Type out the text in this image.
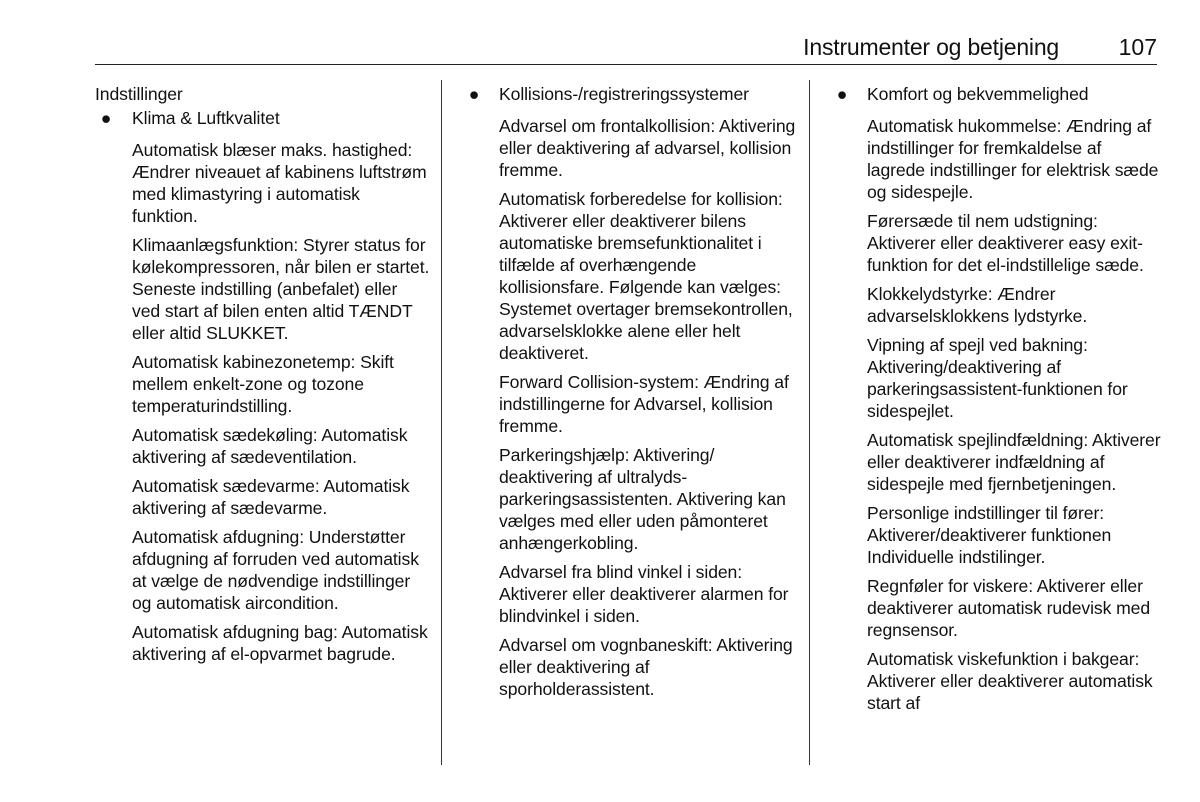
Instrumenter og betjening	107
Indstillinger
● Klima & Luftkvalitet
Automatisk blæser maks. hastighed: Ændrer niveauet af kabinens luftstrøm med klimastyring i automatisk funktion.
Klimaanlægsfunktion: Styrer status for kølekompressoren, når bilen er startet. Seneste indstilling (anbefalet) eller ved start af bilen enten altid TÆNDT eller altid SLUKKET.
Automatisk kabinezonetemp: Skift mellem enkelt-zone og tozone temperaturindstilling.
Automatisk sædekøling: Automatisk aktivering af sædeventilation.
Automatisk sædevarme: Automatisk aktivering af sædevarme.
Automatisk afdugning: Understøtter afdugning af forruden ved automatisk at vælge de nødvendige indstillinger og automatisk aircondition.
Automatisk afdugning bag: Automatisk aktivering af el-opvarmet bagrude.
● Kollisions-/registreringssystemer
Advarsel om frontalkollision: Aktivering eller deaktivering af advarsel, kollision fremme.
Automatisk forberedelse for kollision: Aktiverer eller deaktiverer bilens automatiske bremsefunktionalitet i tilfælde af overhængende kollisionsfare. Følgende kan vælges: Systemet overtager bremsekontrollen, advarselsklokke alene eller helt deaktiveret.
Forward Collision-system: Ændring af indstillingerne for Advarsel, kollision fremme.
Parkeringshjælp: Aktivering/ deaktivering af ultralyds-parkeringsassistenten. Aktivering kan vælges med eller uden påmonteret anhængerkobling.
Advarsel fra blind vinkel i siden: Aktiverer eller deaktiverer alarmen for blindvinkel i siden.
Advarsel om vognbaneskift: Aktivering eller deaktivering af sporholderassistent.
● Komfort og bekvemmelighed
Automatisk hukommelse: Ændring af indstillinger for fremkaldelse af lagrede indstillinger for elektrisk sæde og sidespejle.
Førersæde til nem udstigning: Aktiverer eller deaktiverer easy exit-funktion for det el-indstillelige sæde.
Klokkelydstyrke: Ændrer advarselsklokkens lydstyrke.
Vipning af spejl ved bakning: Aktivering/deaktivering af parkeringsassistent-funktionen for sidespejlet.
Automatisk spejlindfældning: Aktiverer eller deaktiverer indfældning af sidespejle med fjernbetjeningen.
Personlige indstillinger til fører: Aktiverer/deaktiverer funktionen Individuelle indstilinger.
Regnføler for viskere: Aktiverer eller deaktiverer automatisk rudevisk med regnsensor.
Automatisk viskefunktion i bakgear: Aktiverer eller deaktiverer automatisk start af
